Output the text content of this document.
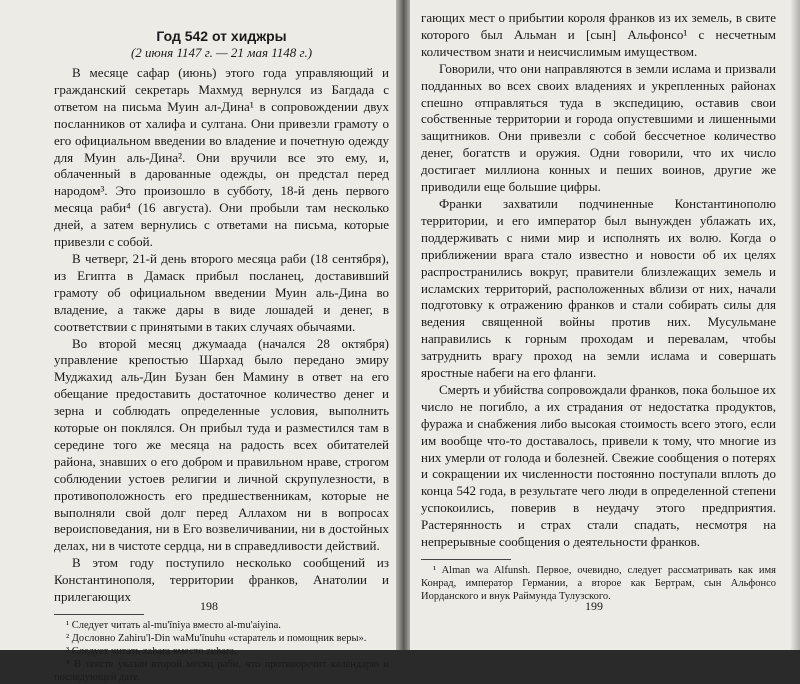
Год 542 от хиджры

(2 июня 1147 г. — 21 мая 1148 г.)

В месяце сафар (июнь) этого года управляющий и гражданский секретарь Махмуд вернулся из Багдада с ответом на письма Муин ал-Дина¹ в сопровождении двух посланников от халифа и султана. Они привезли грамоту о его официальном введении во владение и почетную одежду для Муин аль-Дина². Они вручили все это ему, и, облаченный в дарованные одежды, он предстал перед народом³. Это произошло в субботу, 18-й день первого месяца раби⁴ (16 августа). Они пробыли там несколько дней, а затем вернулись с ответами на письма, которые привезли с собой.

В четверг, 21-й день второго месяца раби (18 сентября), из Египта в Дамаск прибыл посланец, доставивший грамоту об официальном введении Муин аль-Дина во владение, а также дары в виде лошадей и денег, в соответствии с принятыми в таких случаях обычаями.

Во второй месяц джумаада (начался 28 октября) управление крепостью Шархад было передано эмиру Муджахид аль-Дин Бузан бен Мамину в ответ на его обещание предоставить достаточное количество денег и зерна и соблюдать определенные условия, выполнить которые он поклялся. Он прибыл туда и разместился там в середине того же месяца на радость всех обитателей района, знавших о его добром и правильном нраве, строгом соблюдении устоев религии и личной скрупулезности, в противоположность его предшественникам, которые не выполняли свой долг перед Аллахом ни в вопросах вероисповедания, ни в Его возвеличивании, ни в достойных делах, ни в чистоте сердца, ни в справедливости действий.

В этом году поступило несколько сообщений из Константинополя, территории франков, Анатолии и прилегающих

¹ Следует читать al-mu'īniya вместо al-mu'aiyina.

² Дословно Zahiru'l-Din waMu'īnuhu «старатель и помощник веры».

³ Следует читать zahara вместо zuhara.

⁴ В тексте указан второй месяц раби, что противоречит календарю и последующей дате.

198

гающих мест о прибытии короля франков из их земель, в свите которого был Альман и [сын] Альфонсо¹ с несчетным количеством знати и неисчислимым имуществом.

Говорили, что они направляются в земли ислама и призвали подданных во всех своих владениях и укрепленных районах спешно отправляться туда в экспедицию, оставив свои собственные территории и города опустевшими и лишенными защитников. Они привезли с собой бессчетное количество денег, богатств и оружия. Одни говорили, что их число достигает миллиона конных и пеших воинов, другие же приводили еще большие цифры.

Франки захватили подчиненные Константинополю территории, и его император был вынужден ублажать их, поддерживать с ними мир и исполнять их волю. Когда о приближении врага стало известно и новости об их целях распространились вокруг, правители близлежащих земель и исламских территорий, расположенных вблизи от них, начали подготовку к отражению франков и стали собирать силы для ведения священной войны против них. Мусульмане направились к горным проходам и перевалам, чтобы затруднить врагу проход на земли ислама и совершать яростные набеги на его фланги.

Смерть и убийства сопровождали франков, пока большое их число не погибло, а их страдания от недостатка продуктов, фуража и снабжения либо высокая стоимость всего этого, если им вообще что-то доставалось, привели к тому, что многие из них умерли от голода и болезней. Свежие сообщения о потерях и сокращении их численности постоянно поступали вплоть до конца 542 года, в результате чего люди в определенной степени успокоились, поверив в неудачу этого предприятия. Растерянность и страх стали спадать, несмотря на непрерывные сообщения о деятельности франков.

¹ Alman wa Alfunsh. Первое, очевидно, следует рассматривать как имя Конрад, император Германии, а второе как Бертрам, сын Альфонсо Иорданского и внук Раймунда Тулузского.

199
